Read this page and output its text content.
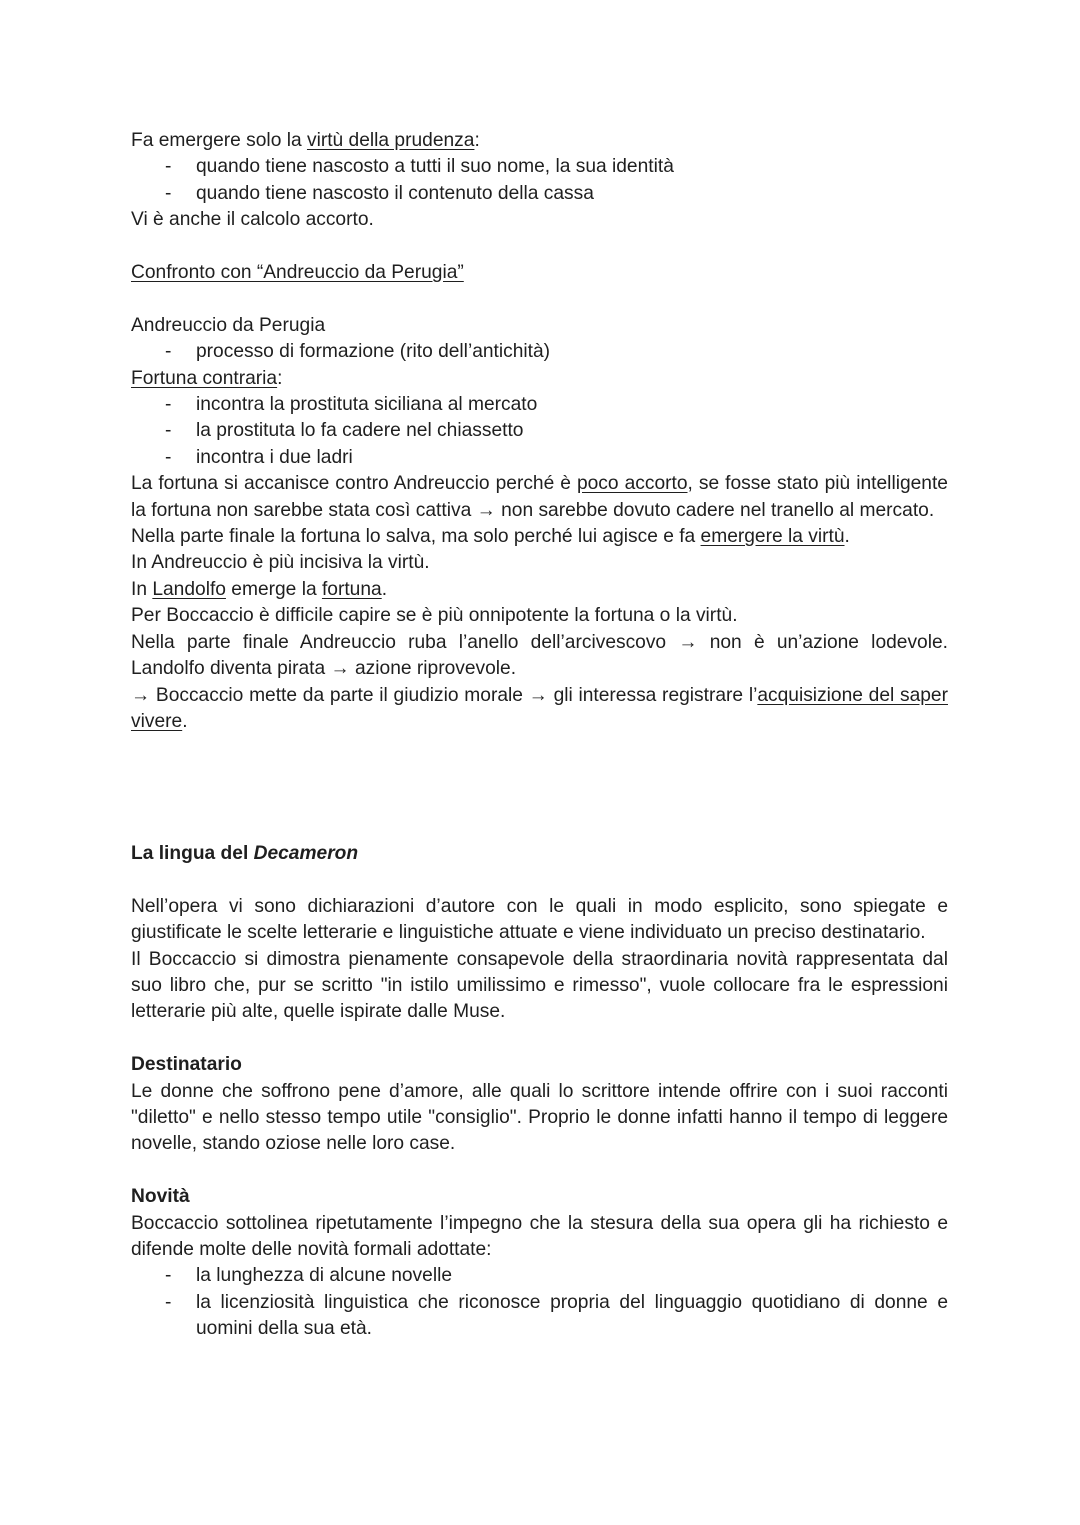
Fa emergere solo la virtù della prudenza:

- quando tiene nascosto a tutti il suo nome, la sua identità
- quando tiene nascosto il contenuto della cassa

Vi è anche il calcolo accorto.

Confronto con “Andreuccio da Perugia”

Andreuccio da Perugia

- processo di formazione (rito dell’antichità)

Fortuna contraria:

- incontra la prostituta siciliana al mercato
- la prostituta lo fa cadere nel chiassetto
- incontra i due ladri

La fortuna si accanisce contro Andreuccio perché è poco accorto, se fosse stato più intelligente la fortuna non sarebbe stata così cattiva → non sarebbe dovuto cadere nel tranello al mercato.

Nella parte finale la fortuna lo salva, ma solo perché lui agisce e fa emergere la virtù.

In Andreuccio è più incisiva la virtù.

In Landolfo emerge la fortuna.

Per Boccaccio è difficile capire se è più onnipotente la fortuna o la virtù.

Nella parte finale Andreuccio ruba l’anello dell’arcivescovo → non è un’azione lodevole. Landolfo diventa pirata → azione riprovevole.

→ Boccaccio mette da parte il giudizio morale → gli interessa registrare l’acquisizione del saper vivere.

La lingua del Decameron

Nell’opera vi sono dichiarazioni d’autore con le quali in modo esplicito, sono spiegate e giustificate le scelte letterarie e linguistiche attuate e viene individuato un preciso destinatario.

Il Boccaccio si dimostra pienamente consapevole della straordinaria novità rappresentata dal suo libro che, pur se scritto "in istilo umilissimo e rimesso", vuole collocare fra le espressioni letterarie più alte, quelle ispirate dalle Muse.

Destinatario

Le donne che soffrono pene d’amore, alle quali lo scrittore intende offrire con i suoi racconti "diletto" e nello stesso tempo utile "consiglio". Proprio le donne infatti hanno il tempo di leggere novelle, stando oziose nelle loro case.

Novità

Boccaccio sottolinea ripetutamente l’impegno che la stesura della sua opera gli ha richiesto e difende molte delle novità formali adottate:

- la lunghezza di alcune novelle
- la licenziosità linguistica che riconosce propria del linguaggio quotidiano di donne e uomini della sua età.
